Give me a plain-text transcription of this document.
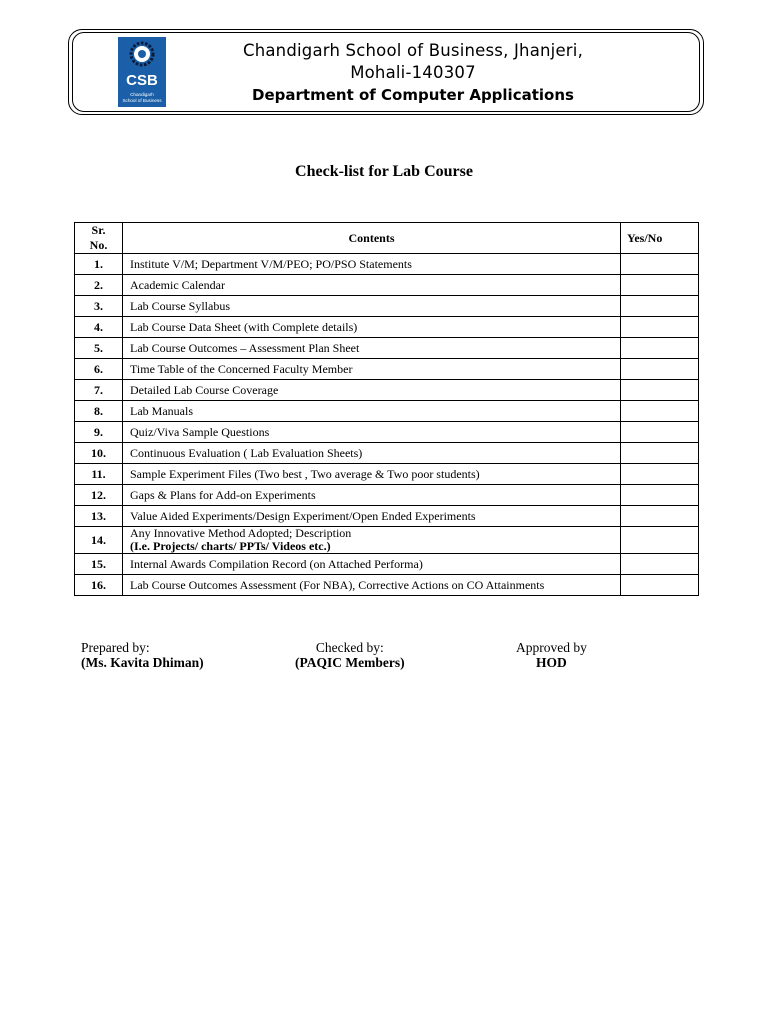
CSB
Chandigarh
School of Business
Chandigarh School of Business, Jhanjeri,
Mohali-140307
Department of Computer Applications
Check-list for Lab Course
Sr. No.	Contents	Yes/No
1.	Institute V/M; Department V/M/PEO; PO/PSO Statements	
2.	Academic Calendar	
3.	Lab Course Syllabus	
4.	Lab Course Data Sheet (with Complete details)	
5.	Lab Course Outcomes – Assessment Plan Sheet	
6.	Time Table of the Concerned Faculty Member	
7.	Detailed Lab Course Coverage	
8.	Lab Manuals	
9.	Quiz/Viva Sample Questions	
10.	Continuous Evaluation ( Lab Evaluation Sheets)	
11.	Sample Experiment Files (Two best , Two average & Two poor students)	
12.	Gaps & Plans for Add-on Experiments	
13.	Value Aided Experiments/Design Experiment/Open Ended Experiments	
14.	Any Innovative Method Adopted; Description
(I.e. Projects/ charts/ PPTs/ Videos etc.)	

15.	Internal Awards Compilation Record (on Attached Performa)	
16.	Lab Course Outcomes Assessment (For NBA), Corrective Actions on CO Attainments	
Prepared by:
(Ms. Kavita Dhiman)
Checked by:
(PAQIC Members)
Approved by
HOD
